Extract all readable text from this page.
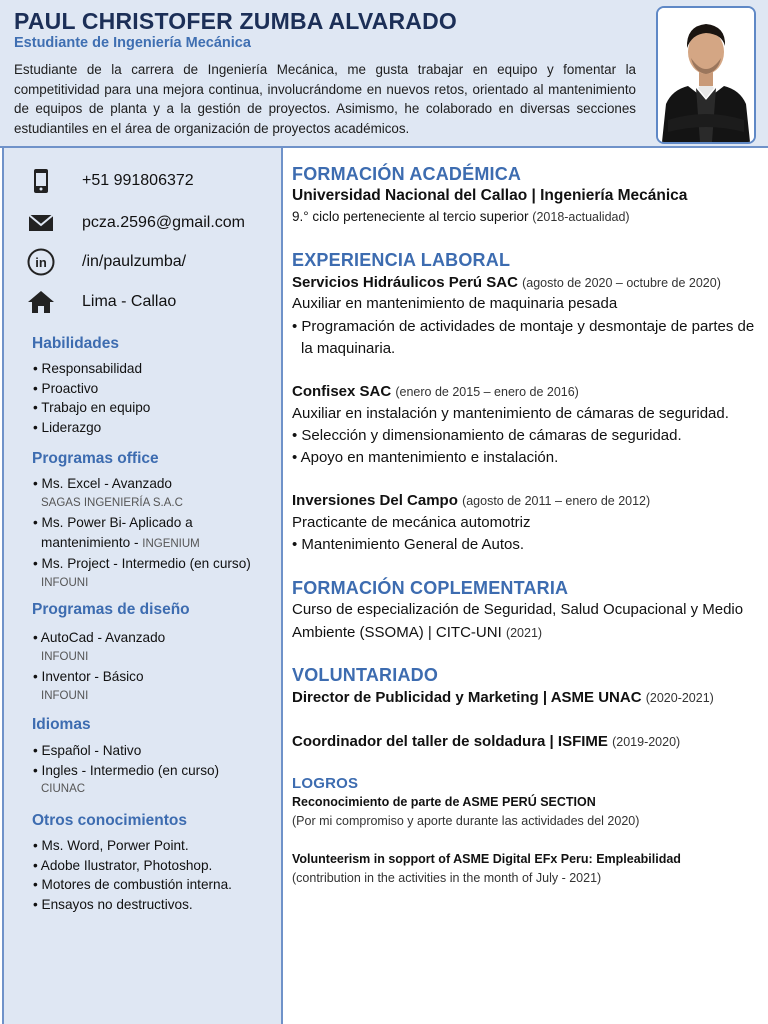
PAUL CHRISTOFER ZUMBA ALVARADO
Estudiante de Ingeniería Mecánica
Estudiante de la carrera de Ingeniería Mecánica, me gusta trabajar en equipo y fomentar la competitividad para una mejora continua, involucrándome en nuevos retos, orientado al mantenimiento de equipos de planta y a la gestión de proyectos. Asimismo, he colaborado en diversas secciones estudiantiles en el área de organización de proyectos académicos.
+51 991806372
pcza.2596@gmail.com
in /in/paulzumba/
Lima - Callao
Habilidades
• Responsabilidad
• Proactivo
• Trabajo en equipo
• Liderazgo
Programas office
• Ms. Excel - Avanzado
SAGAS INGENIERÍA S.A.C
• Ms. Power Bi- Aplicado a
mantenimiento - INGENIUM
• Ms. Project - Intermedio (en curso)
INFOUNI
Programas de diseño
• AutoCad - Avanzado
INFOUNI
• Inventor - Básico
INFOUNI
Idiomas
• Español - Nativo
• Ingles - Intermedio (en curso)
CIUNAC
Otros conocimientos
• Ms. Word, Porwer Point.
• Adobe Ilustrator, Photoshop.
• Motores de combustión interna.
• Ensayos no destructivos.
FORMACIÓN ACADÉMICA
Universidad Nacional del Callao | Ingeniería Mecánica
9.° ciclo perteneciente al tercio superior (2018-actualidad)
EXPERIENCIA LABORAL
Servicios Hidráulicos Perú SAC (agosto de 2020 – octubre de 2020)
Auxiliar en mantenimiento de maquinaria pesada
• Programación de actividades de montaje y desmontaje de partes de
la maquinaria.
Confisex SAC (enero de 2015 – enero de 2016)
Auxiliar en instalación y mantenimiento de cámaras de seguridad.
• Selección y dimensionamiento de cámaras de seguridad.
• Apoyo en mantenimiento e instalación.
Inversiones Del Campo (agosto de 2011 – enero de 2012)
Practicante de mecánica automotriz
• Mantenimiento General de Autos.
FORMACIÓN COPLEMENTARIA
Curso de especialización de Seguridad, Salud Ocupacional y Medio
Ambiente (SSOMA) | CITC-UNI (2021)
VOLUNTARIADO
Director de Publicidad y Marketing | ASME UNAC (2020-2021)
Coordinador del taller de soldadura | ISFIME (2019-2020)
LOGROS
Reconocimiento de parte de ASME PERÚ SECTION
(Por mi compromiso y aporte durante las actividades del 2020)
Volunteerism in sopport of ASME Digital EFx Peru: Empleabilidad
(contribution in the activities in the month of July - 2021)
